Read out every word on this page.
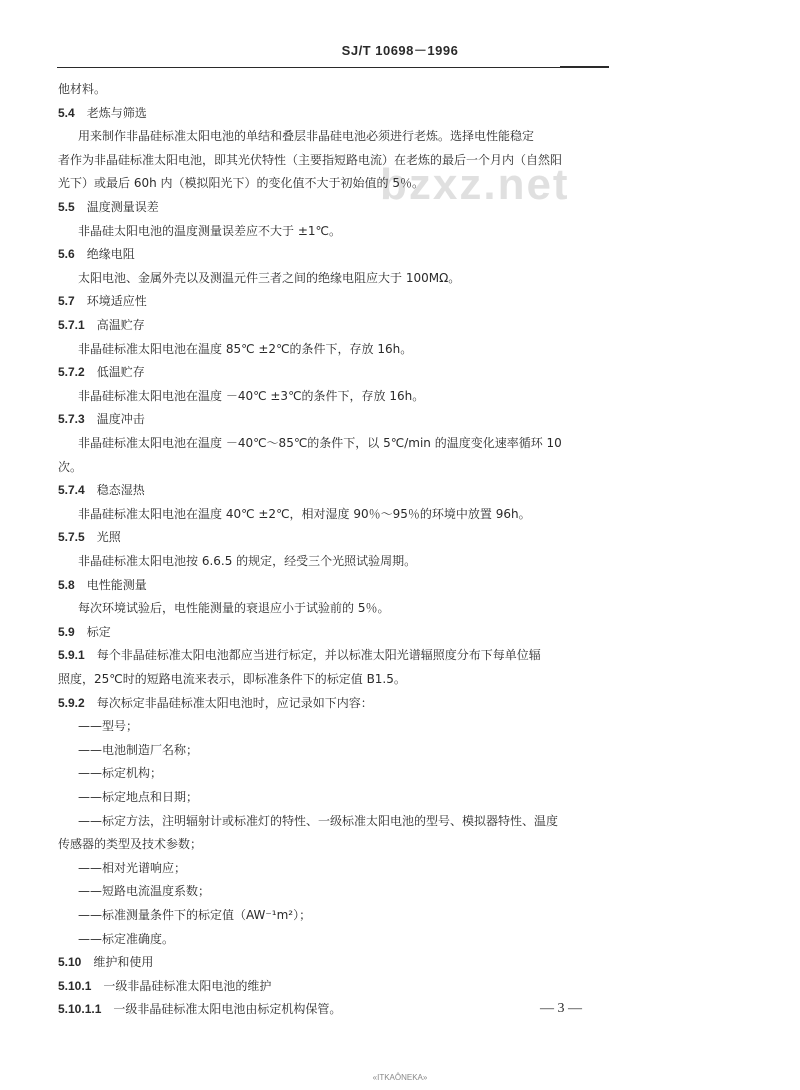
SJ/T 10698－1996
bzxz.net
他材料。
5.4 老炼与筛选
用来制作非晶硅标准太阳电池的单结和叠层非晶硅电池必须进行老炼。选择电性能稳定
者作为非晶硅标准太阳电池，即其光伏特性（主要指短路电流）在老炼的最后一个月内（自然阳
光下）或最后 60h 内（模拟阳光下）的变化值不大于初始值的 5％。
5.5 温度测量误差
非晶硅太阳电池的温度测量误差应不大于 ±1℃。
5.6 绝缘电阻
太阳电池、金属外壳以及测温元件三者之间的绝缘电阻应大于 100MΩ。
5.7 环境适应性
5.7.1 高温贮存
非晶硅标准太阳电池在温度 85℃ ±2℃的条件下，存放 16h。
5.7.2 低温贮存
非晶硅标准太阳电池在温度 －40℃ ±3℃的条件下，存放 16h。
5.7.3 温度冲击
非晶硅标准太阳电池在温度 －40℃～85℃的条件下，以 5℃/min 的温度变化速率循环 10
次。
5.7.4 稳态湿热
非晶硅标准太阳电池在温度 40℃ ±2℃，相对湿度 90％～95％的环境中放置 96h。
5.7.5 光照
非晶硅标准太阳电池按 6.6.5 的规定，经受三个光照试验周期。
5.8 电性能测量
每次环境试验后，电性能测量的衰退应小于试验前的 5％。
5.9 标定
5.9.1 每个非晶硅标准太阳电池都应当进行标定，并以标准太阳光谱辐照度分布下每单位辐
照度，25℃时的短路电流来表示，即标准条件下的标定值 B1.5。
5.9.2 每次标定非晶硅标准太阳电池时，应记录如下内容：
——型号；
——电池制造厂名称；
——标定机构；
——标定地点和日期；
——标定方法，注明辐射计或标准灯的特性、一级标准太阳电池的型号、模拟器特性、温度
传感器的类型及技术参数；
——相对光谱响应；
——短路电流温度系数；
——标准测量条件下的标定值（AW⁻¹m²）；
——标定准确度。
5.10 维护和使用
5.10.1 一级非晶硅标准太阳电池的维护
5.10.1.1 一级非晶硅标准太阳电池由标定机构保管。	— 3 —
«ITKAÔNEKA»
